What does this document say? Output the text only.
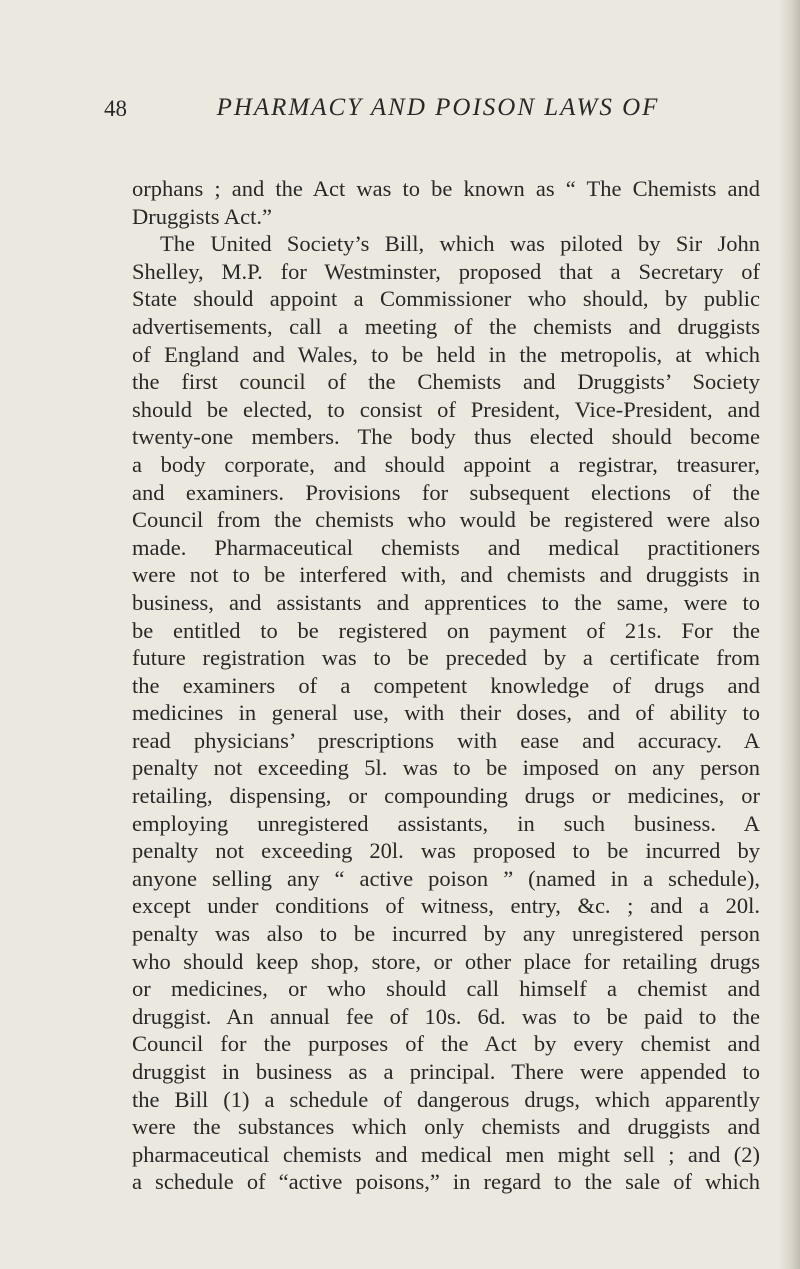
48	PHARMACY AND POISON LAWS OF
orphans ; and the Act was to be known as “ The Chemists and
Druggists Act.”
The United Society’s Bill, which was piloted by Sir John
Shelley, M.P. for Westminster, proposed that a Secretary of
State should appoint a Commissioner who should, by public
advertisements, call a meeting of the chemists and druggists
of England and Wales, to be held in the metropolis, at which
the first council of the Chemists and Druggists’ Society
should be elected, to consist of President, Vice-President, and
twenty-one members. The body thus elected should become
a body corporate, and should appoint a registrar, treasurer,
and examiners. Provisions for subsequent elections of the
Council from the chemists who would be registered were also
made. Pharmaceutical chemists and medical practitioners
were not to be interfered with, and chemists and druggists in
business, and assistants and apprentices to the same, were to
be entitled to be registered on payment of 21s. For the
future registration was to be preceded by a certificate from
the examiners of a competent knowledge of drugs and
medicines in general use, with their doses, and of ability to
read physicians’ prescriptions with ease and accuracy. A
penalty not exceeding 5l. was to be imposed on any person
retailing, dispensing, or compounding drugs or medicines, or
employing unregistered assistants, in such business. A
penalty not exceeding 20l. was proposed to be incurred by
anyone selling any “ active poison ” (named in a schedule),
except under conditions of witness, entry, &c. ; and a 20l.
penalty was also to be incurred by any unregistered person
who should keep shop, store, or other place for retailing drugs
or medicines, or who should call himself a chemist and
druggist. An annual fee of 10s. 6d. was to be paid to the
Council for the purposes of the Act by every chemist and
druggist in business as a principal. There were appended to
the Bill (1) a schedule of dangerous drugs, which apparently
were the substances which only chemists and druggists and
pharmaceutical chemists and medical men might sell ; and (2)
a schedule of “active poisons,” in regard to the sale of which
